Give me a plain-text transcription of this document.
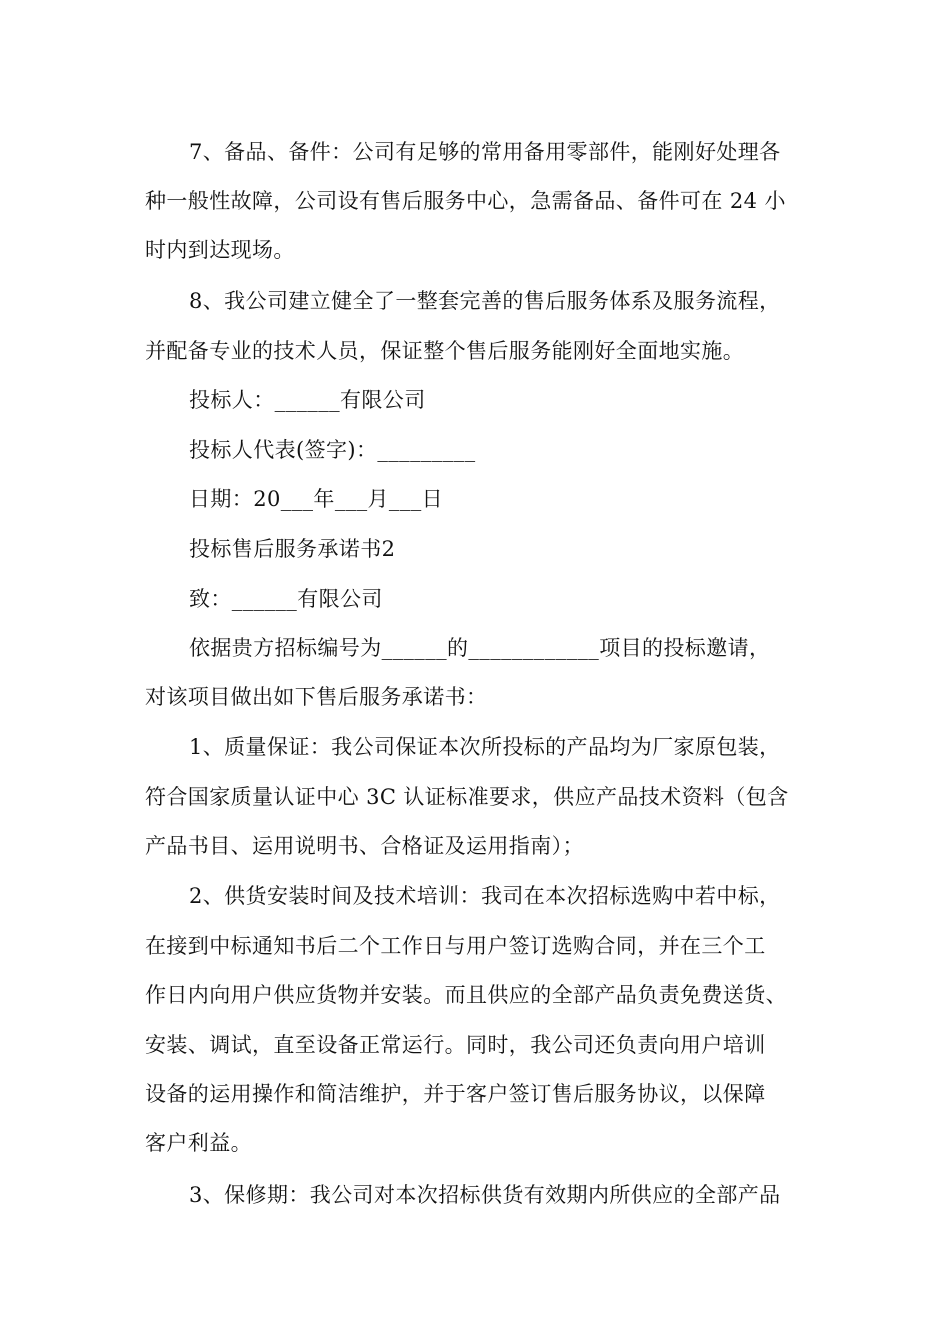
7、备品、备件：公司有足够的常用备用零部件，能刚好处理各
种一般性故障，公司设有售后服务中心，急需备品、备件可在 24 小
时内到达现场。
8、我公司建立健全了一整套完善的售后服务体系及服务流程，
并配备专业的技术人员，保证整个售后服务能刚好全面地实施。
投标人：______有限公司
投标人代表(签字)：_________
日期：20___年___月___日
投标售后服务承诺书2
致：______有限公司
依据贵方招标编号为______的____________项目的投标邀请，
对该项目做出如下售后服务承诺书：
1、质量保证：我公司保证本次所投标的产品均为厂家原包装，
符合国家质量认证中心 3C 认证标准要求，供应产品技术资料（包含
产品书目、运用说明书、合格证及运用指南）；
2、供货安装时间及技术培训：我司在本次招标选购中若中标，
在接到中标通知书后二个工作日与用户签订选购合同，并在三个工
作日内向用户供应货物并安装。而且供应的全部产品负责免费送货、
安装、调试，直至设备正常运行。同时，我公司还负责向用户培训
设备的运用操作和简洁维护，并于客户签订售后服务协议，以保障
客户利益。
3、保修期：我公司对本次招标供货有效期内所供应的全部产品
